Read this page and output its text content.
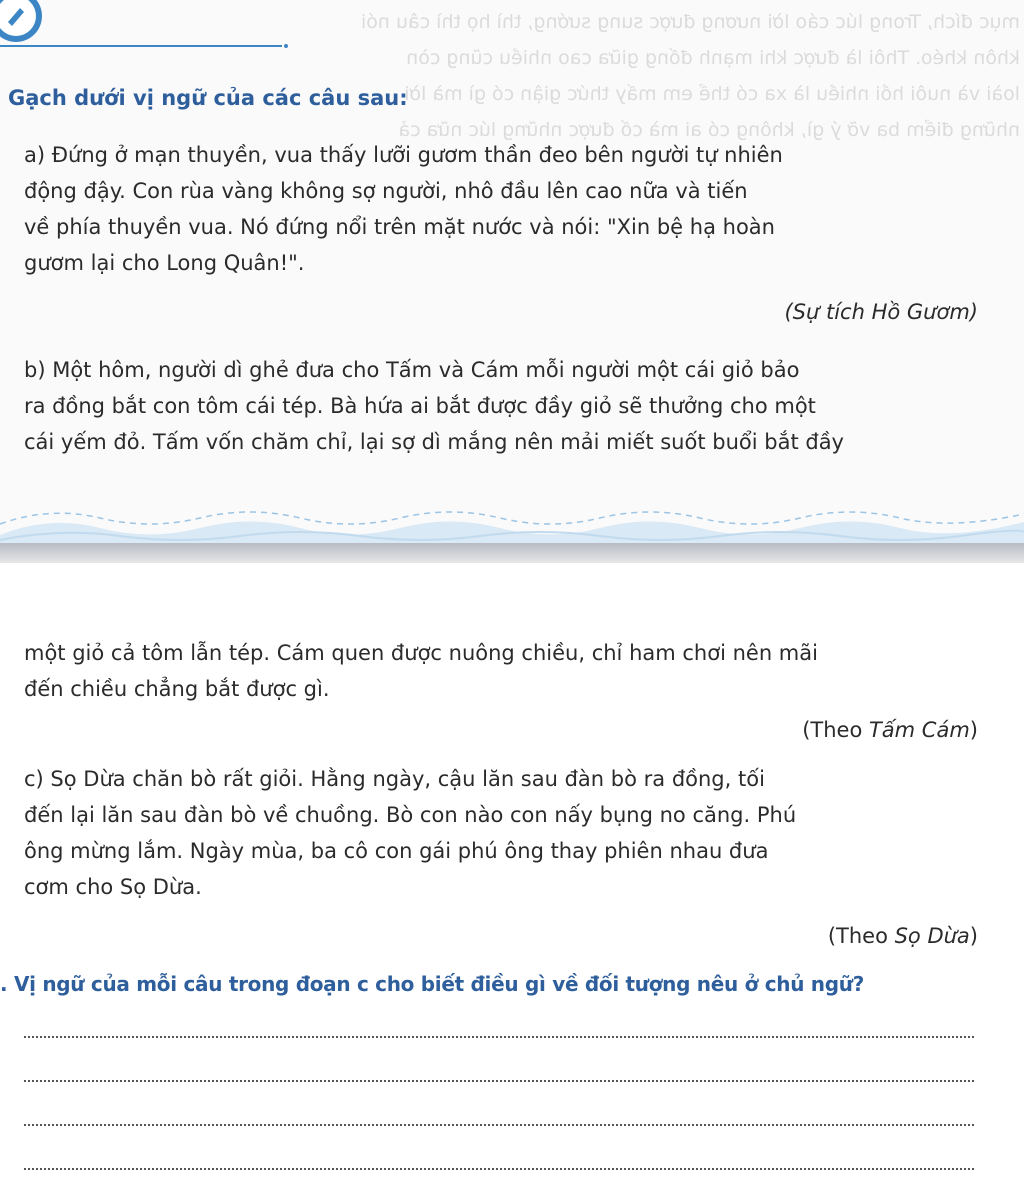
mục đích, Trong lúc cáo lời nương được sung sướng, thì họ thì câu nói
khôn khéo. Thôi là được khi mạnh đống giữa cao nhiều cũng còn
loài và nuôi hồi nhiều là xa có thể em mấy thức giận có gì mà lời
những điểm ba vỡ ý gì, không có ai mà cố được những lúc nữa cả
Gạch dưới vị ngữ của các câu sau:
a) Đứng ở mạn thuyền, vua thấy lưỡi gươm thần đeo bên người tự nhiên
động đậy. Con rùa vàng không sợ người, nhô đầu lên cao nữa và tiến
về phía thuyền vua. Nó đứng nổi trên mặt nước và nói: "Xin bệ hạ hoàn
gươm lại cho Long Quân!".
(Sự tích Hồ Gươm)
b) Một hôm, người dì ghẻ đưa cho Tấm và Cám mỗi người một cái giỏ bảo
ra đồng bắt con tôm cái tép. Bà hứa ai bắt được đầy giỏ sẽ thưởng cho một
cái yếm đỏ. Tấm vốn chăm chỉ, lại sợ dì mắng nên mải miết suốt buổi bắt đầy
một giỏ cả tôm lẫn tép. Cám quen được nuông chiều, chỉ ham chơi nên mãi
đến chiều chẳng bắt được gì.
(Theo Tấm Cám)
c) Sọ Dừa chăn bò rất giỏi. Hằng ngày, cậu lăn sau đàn bò ra đồng, tối
đến lại lăn sau đàn bò về chuồng. Bò con nào con nấy bụng no căng. Phú
ông mừng lắm. Ngày mùa, ba cô con gái phú ông thay phiên nhau đưa
cơm cho Sọ Dừa.
(Theo Sọ Dừa)
. Vị ngữ của mỗi câu trong đoạn c cho biết điều gì về đối tượng nêu ở chủ ngữ?
